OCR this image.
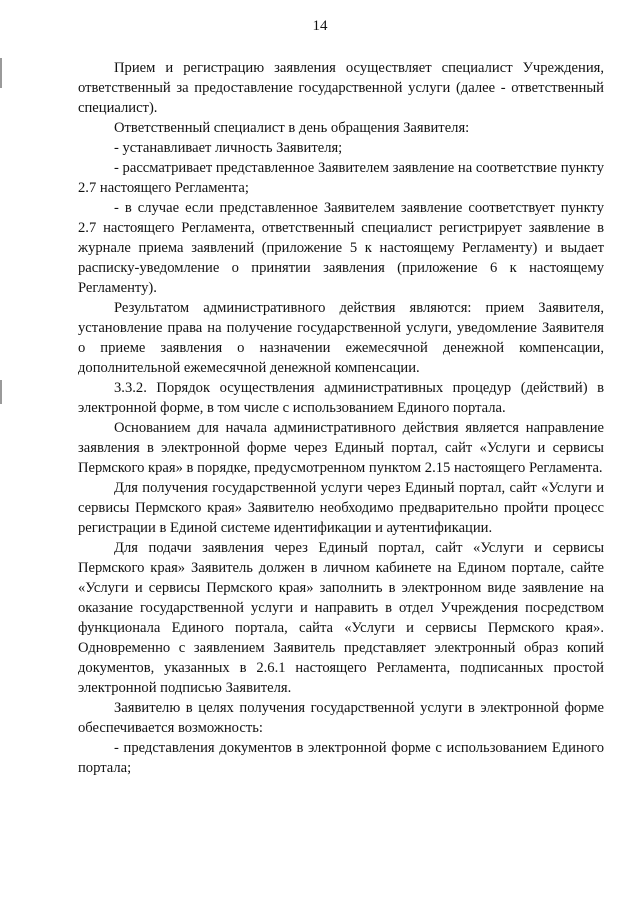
14

Прием и регистрацию заявления осуществляет специалист Учреждения, ответственный за предоставление государственной услуги (далее - ответственный специалист).

Ответственный специалист в день обращения Заявителя:

- устанавливает личность Заявителя;

- рассматривает представленное Заявителем заявление на соответствие пункту 2.7 настоящего Регламента;

- в случае если представленное Заявителем заявление соответствует пункту 2.7 настоящего Регламента, ответственный специалист регистрирует заявление в журнале приема заявлений (приложение 5 к настоящему Регламенту) и выдает расписку-уведомление о принятии заявления (приложение 6 к настоящему Регламенту).

Результатом административного действия являются: прием Заявителя, установление права на получение государственной услуги, уведомление Заявителя о приеме заявления о назначении ежемесячной денежной компенсации, дополнительной ежемесячной денежной компенсации.

3.3.2. Порядок осуществления административных процедур (действий) в электронной форме, в том числе с использованием Единого портала.

Основанием для начала административного действия является направление заявления в электронной форме через Единый портал, сайт «Услуги и сервисы Пермского края» в порядке, предусмотренном пунктом 2.15 настоящего Регламента.

Для получения государственной услуги через Единый портал, сайт «Услуги и сервисы Пермского края» Заявителю необходимо предварительно пройти процесс регистрации в Единой системе идентификации и аутентификации.

Для подачи заявления через Единый портал, сайт «Услуги и сервисы Пермского края» Заявитель должен в личном кабинете на Едином портале, сайте «Услуги и сервисы Пермского края» заполнить в электронном виде заявление на оказание государственной услуги и направить в отдел Учреждения посредством функционала Единого портала, сайта «Услуги и сервисы Пермского края». Одновременно с заявлением Заявитель представляет электронный образ копий документов, указанных в 2.6.1 настоящего Регламента, подписанных простой электронной подписью Заявителя.

Заявителю в целях получения государственной услуги в электронной форме обеспечивается возможность:

- представления документов в электронной форме с использованием Единого портала;
